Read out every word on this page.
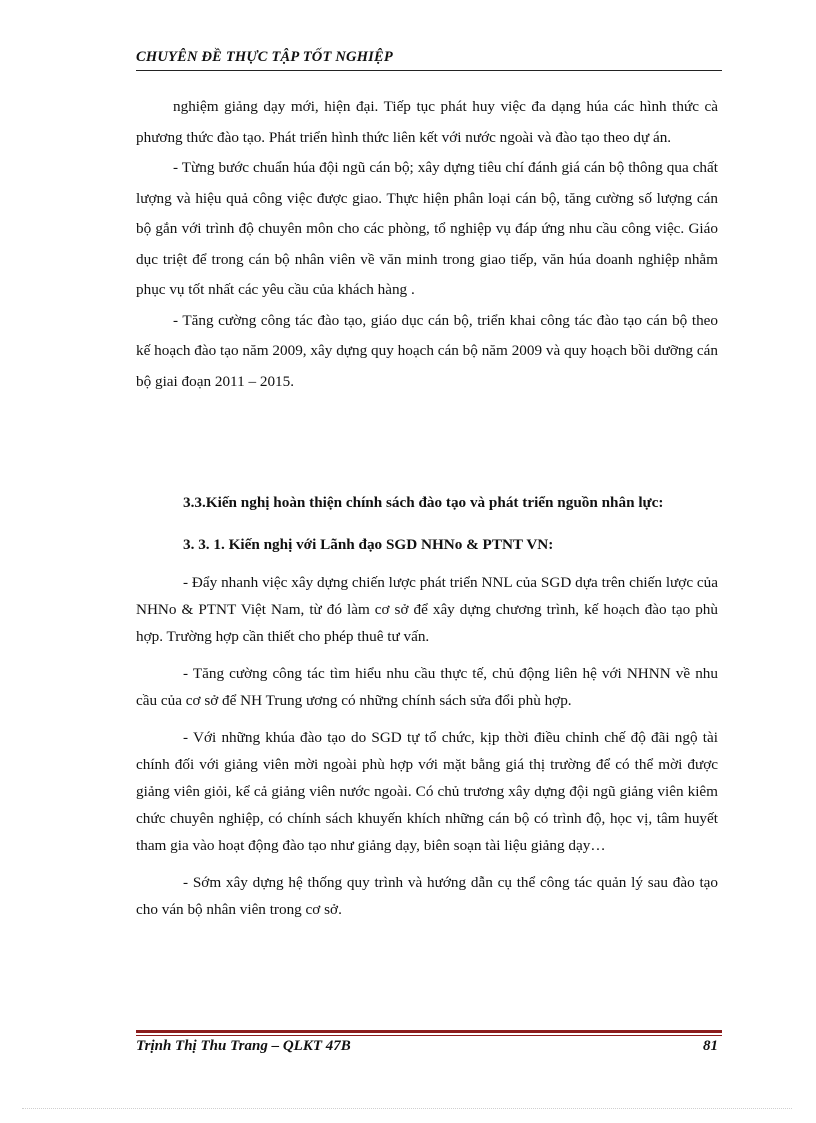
CHUYÊN ĐỀ THỰC TẬP TỐT NGHIỆP

nghiệm giảng dạy mới, hiện đại. Tiếp tục phát huy việc đa dạng húa các hình thức cà phương thức đào tạo. Phát triển hình thức liên kết với nước ngoài và đào tạo theo dự án.

- Từng bước chuẩn húa đội ngũ cán bộ; xây dựng tiêu chí đánh giá cán bộ thông qua chất lượng và hiệu quả công việc được giao. Thực hiện phân loại cán bộ, tăng cường số lượng cán bộ gắn với trình độ chuyên môn cho các phòng, tổ nghiệp vụ đáp ứng nhu cầu công việc. Giáo dục triệt để trong cán bộ nhân viên về văn minh trong giao tiếp, văn húa doanh nghiệp nhằm phục vụ tốt nhất các yêu cầu của khách hàng .

- Tăng cường công tác đào tạo, giáo dục cán bộ, triển khai công tác đào tạo cán bộ theo kế hoạch đào tạo năm 2009, xây dựng quy hoạch cán bộ năm 2009 và quy hoạch bồi dưỡng cán bộ giai đoạn 2011 – 2015.

3.3.Kiến nghị hoàn thiện chính sách đào tạo và phát triển nguồn nhân lực:

3. 3. 1. Kiến nghị với Lãnh đạo SGD NHNo & PTNT VN:

- Đẩy nhanh việc xây dựng chiến lược phát triển NNL của SGD dựa trên chiến lược của NHNo & PTNT Việt Nam, từ đó làm cơ sở để xây dựng chương trình, kế hoạch đào tạo phù hợp. Trường hợp cần thiết cho phép thuê tư vấn.

- Tăng cường công tác tìm hiểu nhu cầu thực tế, chủ động liên hệ với NHNN về nhu cầu của cơ sở để NH Trung ương có những chính sách sửa đổi phù hợp.

- Với những khúa đào tạo do SGD tự tổ chức, kịp thời điều chỉnh chế độ đãi ngộ tài chính đối với giảng viên mời ngoài phù hợp với mặt bằng giá thị trường để có thể mời được giảng viên giỏi, kể cả giảng viên nước ngoài. Có chủ trương xây dựng đội ngũ giảng viên kiêm chức chuyên nghiệp, có chính sách khuyến khích những cán bộ có trình độ, học vị, tâm huyết tham gia vào hoạt động đào tạo như giảng dạy, biên soạn tài liệu giảng dạy…

- Sớm xây dựng hệ thống quy trình và hướng dẫn cụ thể công tác quản lý sau đào tạo cho ván bộ nhân viên trong cơ sở.

Trịnh Thị Thu Trang – QLKT 47B	81
